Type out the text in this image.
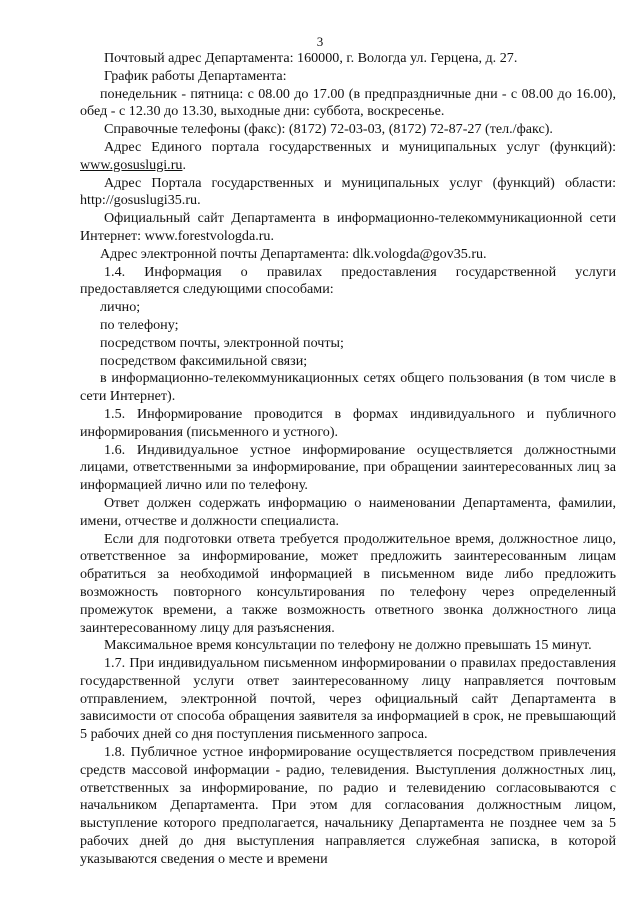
3

Почтовый адрес Департамента: 160000, г. Вологда ул. Герцена, д. 27.

График работы Департамента:

понедельник - пятница: с 08.00 до 17.00 (в предпраздничные дни - с 08.00 до 16.00), обед - с 12.30 до 13.30, выходные дни: суббота, воскресенье.

Справочные телефоны (факс): (8172) 72-03-03, (8172) 72-87-27 (тел./факс).

Адрес Единого портала государственных и муниципальных услуг (функций): www.gosuslugi.ru.

Адрес Портала государственных и муниципальных услуг (функций) области: http://gosuslugi35.ru.

Официальный сайт Департамента в информационно-телекоммуникационной сети Интернет: www.forestvologda.ru.

Адрес электронной почты Департамента: dlk.vologda@gov35.ru.

1.4. Информация о правилах предоставления государственной услуги предоставляется следующими способами:

лично;

по телефону;

посредством почты, электронной почты;

посредством факсимильной связи;

в информационно-телекоммуникационных сетях общего пользования (в том числе в сети Интернет).

1.5. Информирование проводится в формах индивидуального и публичного информирования (письменного и устного).

1.6. Индивидуальное устное информирование осуществляется должностными лицами, ответственными за информирование, при обращении заинтересованных лиц за информацией лично или по телефону.

Ответ должен содержать информацию о наименовании Департамента, фамилии, имени, отчестве и должности специалиста.

Если для подготовки ответа требуется продолжительное время, должностное лицо, ответственное за информирование, может предложить заинтересованным лицам обратиться за необходимой информацией в письменном виде либо предложить возможность повторного консультирования по телефону через определенный промежуток времени, а также возможность ответного звонка должностного лица заинтересованному лицу для разъяснения.

Максимальное время консультации по телефону не должно превышать 15 минут.

1.7. При индивидуальном письменном информировании о правилах предоставления государственной услуги ответ заинтересованному лицу направляется почтовым отправлением, электронной почтой, через официальный сайт Департамента в зависимости от способа обращения заявителя за информацией в срок, не превышающий 5 рабочих дней со дня поступления письменного запроса.

1.8. Публичное устное информирование осуществляется посредством привлечения средств массовой информации - радио, телевидения. Выступления должностных лиц, ответственных за информирование, по радио и телевидению согласовываются с начальником Департамента. При этом для согласования должностным лицом, выступление которого предполагается, начальнику Департамента не позднее чем за 5 рабочих дней до дня выступления направляется служебная записка, в которой указываются сведения о месте и времени
